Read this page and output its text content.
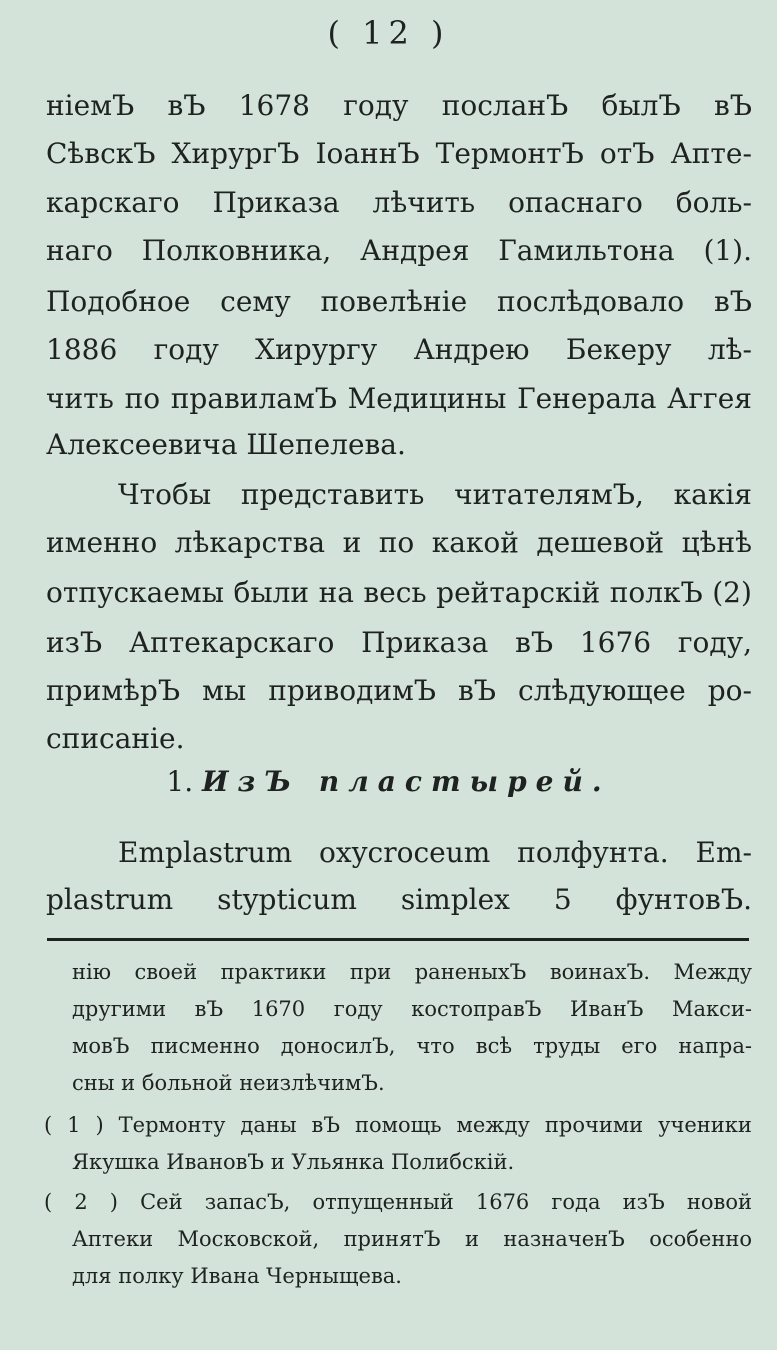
( 12 )
ніемЪ вЪ 1678 году посланЪ былЪ вЪ
СѣвскЪ ХирургЪ ІоаннЪ ТермонтЪ отЪ Апте-
карскаго Приказа лѣчить опаснаго боль-
наго Полковника, Андрея Гамильтона (1).
Подобное сему повелѣніе послѣдовало вЪ
1886 году Хирургу Андрею Бекеру лѣ-
чить по правиламЪ Медицины Генерала Аггея
Алексеевича Шепелева.
Чтобы представить читателямЪ, какія
именно лѣкарства и по какой дешевой цѣнѣ
отпускаемы были на весь рейтарскій полкЪ (2)
изЪ Аптекарскаго Приказа вЪ 1676 году,
примѣрЪ мы приводимЪ вЪ слѣдующее ро-
списаніе.
1. ИзЪ пластырей.
Emplastrum oxycroceum полфунта. Em-
plastrum stypticum simplex 5 фунтовЪ.
нію своей практики при раненыхЪ воинахЪ. Между
другими вЪ 1670 году костоправЪ ИванЪ Макси-
мовЪ писменно доносилЪ, что всѣ труды его напра-
сны и больной неизлѣчимЪ.
( 1 ) Термонту даны вЪ помощь между прочими ученики
Якушка ИвановЪ и Ульянка Полибскій.
( 2 ) Сей запасЪ, отпущенный 1676 года изЪ новой
Аптеки Московской, принятЪ и назначенЪ особенно
для полку Ивана Черныщева.
